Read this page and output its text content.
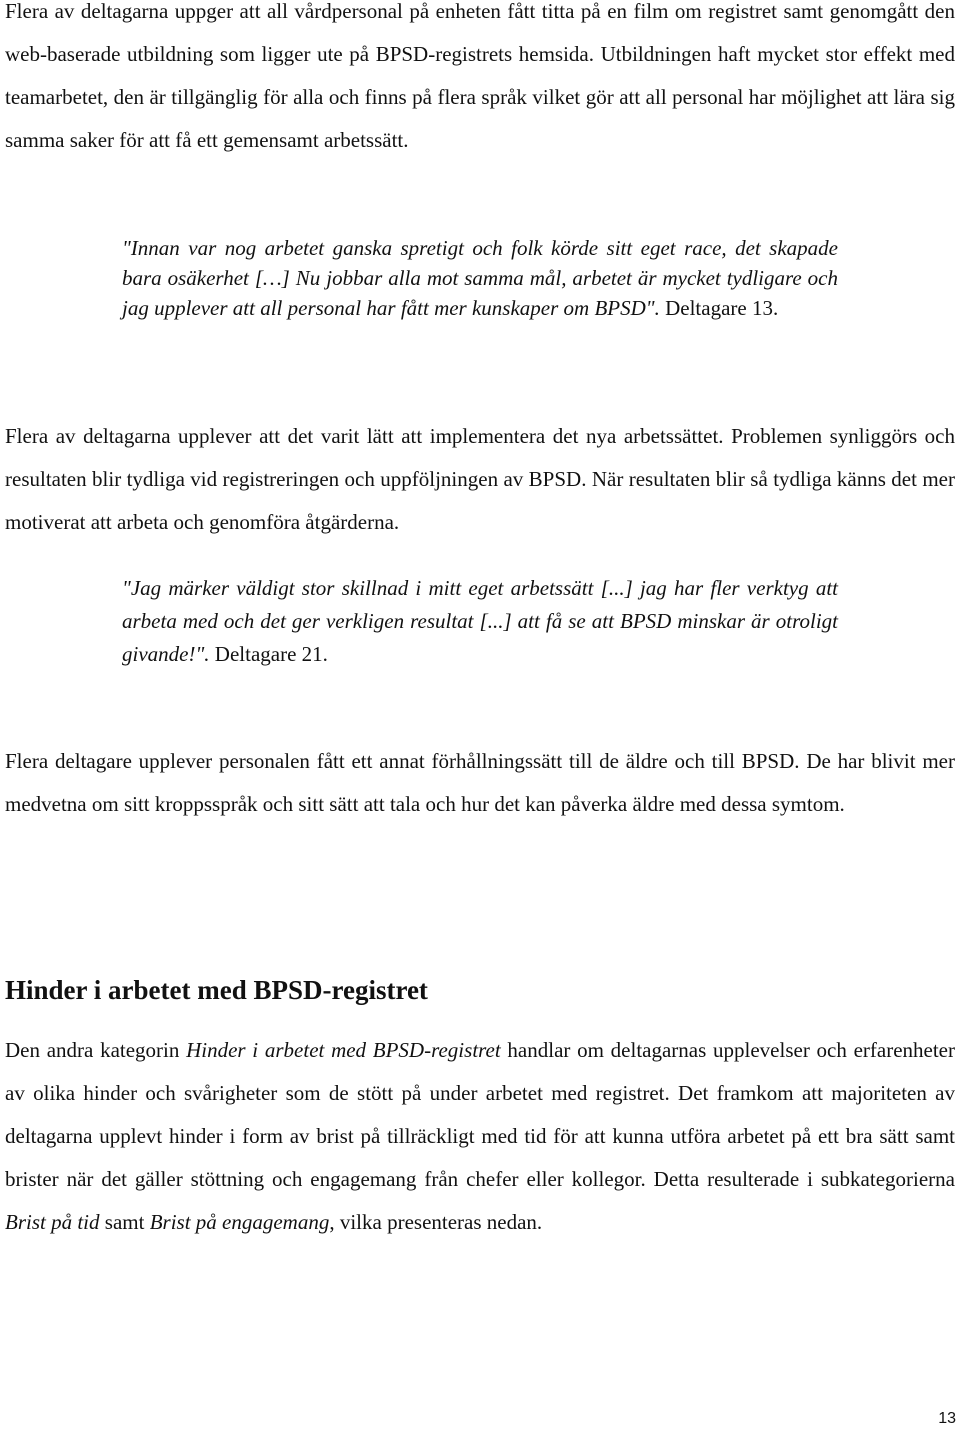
Flera av deltagarna uppger att all vårdpersonal på enheten fått titta på en film om registret samt genomgått den web-baserade utbildning som ligger ute på BPSD-registrets hemsida. Utbildningen haft mycket stor effekt med teamarbetet, den är tillgänglig för alla och finns på flera språk vilket gör att all personal har möjlighet att lära sig samma saker för att få ett gemensamt arbetssätt.

"Innan var nog arbetet ganska spretigt och folk körde sitt eget race, det skapade bara osäkerhet […] Nu jobbar alla mot samma mål, arbetet är mycket tydligare och jag upplever att all personal har fått mer kunskaper om BPSD". Deltagare 13.

Flera av deltagarna upplever att det varit lätt att implementera det nya arbetssättet. Problemen synliggörs och resultaten blir tydliga vid registreringen och uppföljningen av BPSD. När resultaten blir så tydliga känns det mer motiverat att arbeta och genomföra åtgärderna.

"Jag märker väldigt stor skillnad i mitt eget arbetssätt [...] jag har fler verktyg att arbeta med och det ger verkligen resultat [...] att få se att BPSD minskar är otroligt givande!". Deltagare 21.

Flera deltagare upplever personalen fått ett annat förhållningssätt till de äldre och till BPSD. De har blivit mer medvetna om sitt kroppsspråk och sitt sätt att tala och hur det kan påverka äldre med dessa symtom.

Hinder i arbetet med BPSD-registret

Den andra kategorin Hinder i arbetet med BPSD-registret handlar om deltagarnas upplevelser och erfarenheter av olika hinder och svårigheter som de stött på under arbetet med registret. Det framkom att majoriteten av deltagarna upplevt hinder i form av brist på tillräckligt med tid för att kunna utföra arbetet på ett bra sätt samt brister när det gäller stöttning och engagemang från chefer eller kollegor. Detta resulterade i subkategorierna Brist på tid samt Brist på engagemang, vilka presenteras nedan.

13
